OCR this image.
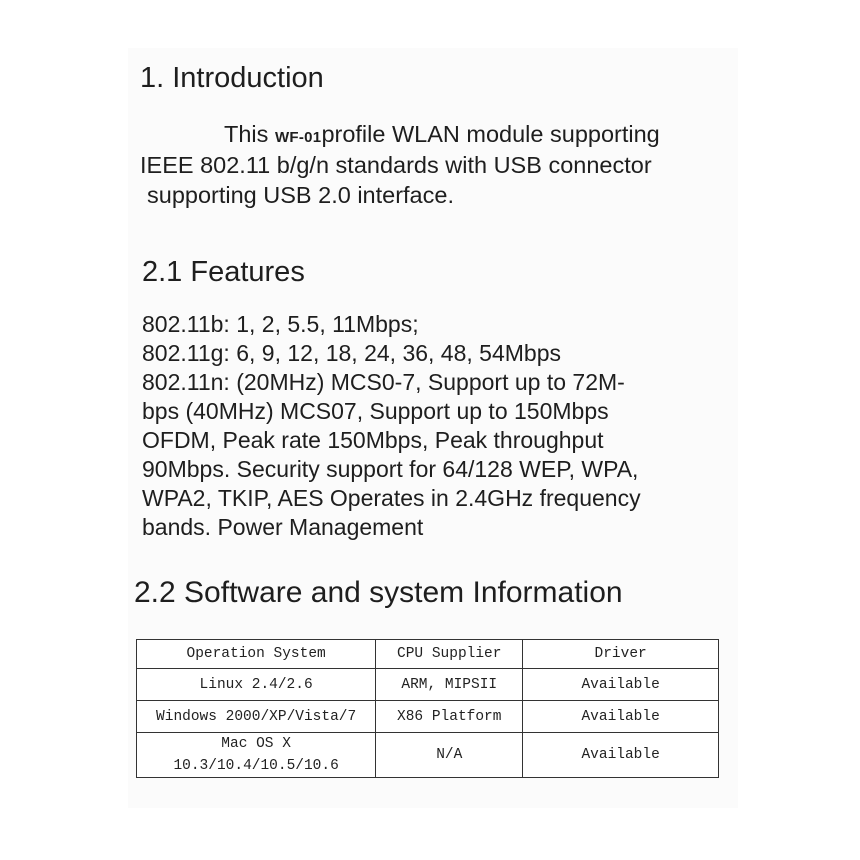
1. Introduction

This WF-01profile WLAN module supporting

IEEE 802.11 b/g/n standards with USB connector

supporting USB 2.0 interface.

2.1 Features

802.11b: 1, 2, 5.5, 11Mbps;

802.11g: 6, 9, 12, 18, 24, 36, 48, 54Mbps

802.11n: (20MHz) MCS0-7, Support up to 72M-

bps (40MHz) MCS07, Support up to 150Mbps

OFDM, Peak rate 150Mbps, Peak throughput

90Mbps. Security support for 64/128 WEP, WPA,

WPA2, TKIP, AES Operates in 2.4GHz frequency

bands. Power Management

2.2 Software and system Information
Operation System	CPU Supplier	Driver
Linux 2.4/2.6	ARM, MIPSII	Available
Windows 2000/XP/Vista/7	X86 Platform	Available

Mac OS X
10.3/10.4/10.5/10.6	N/A	Available
